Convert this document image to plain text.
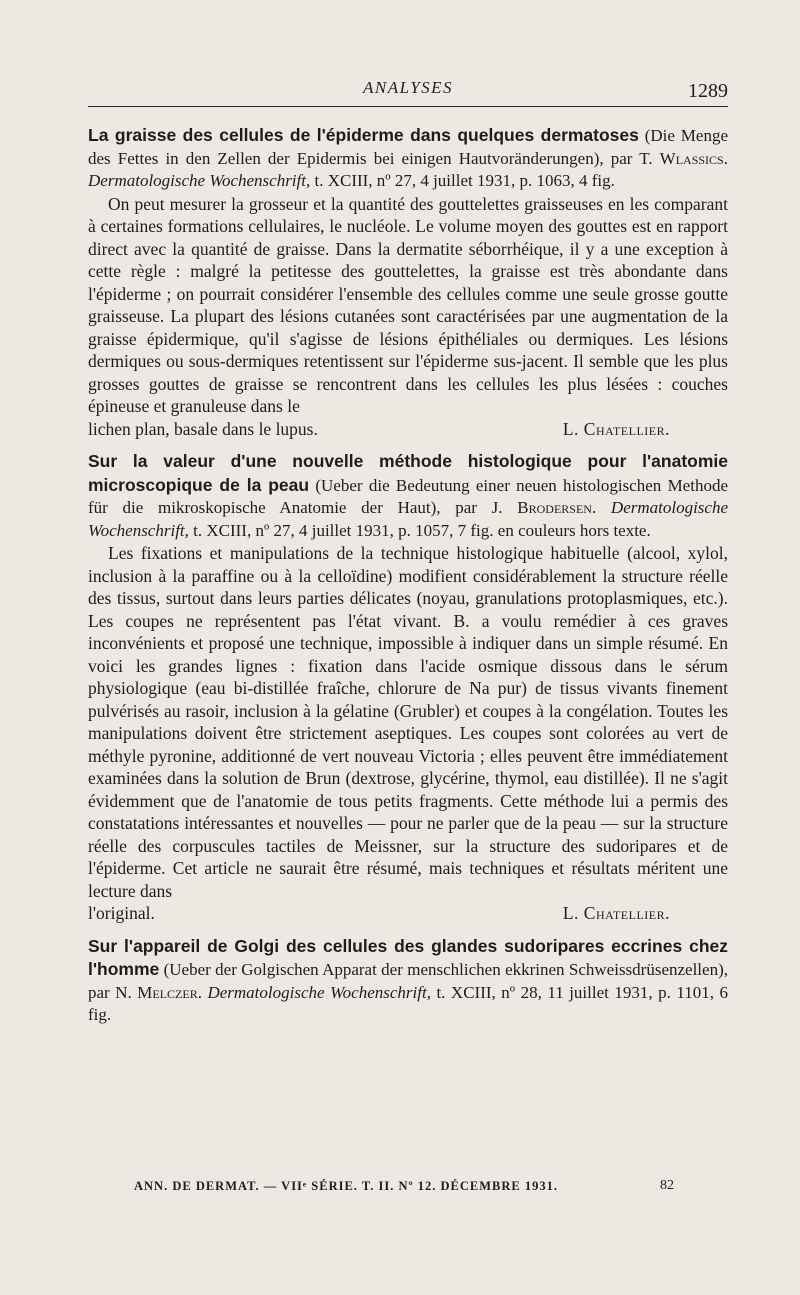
ANALYSES	1289

La graisse des cellules de l'épiderme dans quelques dermatoses (Die Menge des Fettes in den Zellen der Epidermis bei einigen Hautvoränderungen), par T. Wlassics. Dermatologische Wochenschrift, t. XCIII, nº 27, 4 juillet 1931, p. 1063, 4 fig.

On peut mesurer la grosseur et la quantité des gouttelettes graisseuses en les comparant à certaines formations cellulaires, le nucléole. Le volume moyen des gouttes est en rapport direct avec la quantité de graisse. Dans la dermatite séborrhéique, il y a une exception à cette règle : malgré la petitesse des gouttelettes, la graisse est très abondante dans l'épiderme ; on pourrait considérer l'ensemble des cellules comme une seule grosse goutte graisseuse. La plupart des lésions cutanées sont caractérisées par une augmentation de la graisse épidermique, qu'il s'agisse de lésions épithéliales ou dermiques. Les lésions dermiques ou sous-dermiques retentissent sur l'épiderme sus-jacent. Il semble que les plus grosses gouttes de graisse se rencontrent dans les cellules les plus lésées : couches épineuse et granuleuse dans le

lichen plan, basale dans le lupus.	L. Chatellier.

Sur la valeur d'une nouvelle méthode histologique pour l'anatomie microscopique de la peau (Ueber die Bedeutung einer neuen histologischen Methode für die mikroskopische Anatomie der Haut), par J. Brodersen. Dermatologische Wochenschrift, t. XCIII, nº 27, 4 juillet 1931, p. 1057, 7 fig. en couleurs hors texte.

Les fixations et manipulations de la technique histologique habituelle (alcool, xylol, inclusion à la paraffine ou à la celloïdine) modifient considérablement la structure réelle des tissus, surtout dans leurs parties délicates (noyau, granulations protoplasmiques, etc.). Les coupes ne représentent pas l'état vivant. B. a voulu remédier à ces graves inconvénients et proposé une technique, impossible à indiquer dans un simple résumé. En voici les grandes lignes : fixation dans l'acide osmique dissous dans le sérum physiologique (eau bi-distillée fraîche, chlorure de Na pur) de tissus vivants finement pulvérisés au rasoir, inclusion à la gélatine (Grubler) et coupes à la congélation. Toutes les manipulations doivent être strictement aseptiques. Les coupes sont colorées au vert de méthyle pyronine, additionné de vert nouveau Victoria ; elles peuvent être immédiatement examinées dans la solution de Brun (dextrose, glycérine, thymol, eau distillée). Il ne s'agit évidemment que de l'anatomie de tous petits fragments. Cette méthode lui a permis des constatations intéressantes et nouvelles — pour ne parler que de la peau — sur la structure réelle des corpuscules tactiles de Meissner, sur la structure des sudoripares et de l'épiderme. Cet article ne saurait être résumé, mais techniques et résultats méritent une lecture dans

l'original.	L. Chatellier.

Sur l'appareil de Golgi des cellules des glandes sudoripares eccrines chez l'homme (Ueber der Golgischen Apparat der menschlichen ekkrinen Schweissdrüsenzellen), par N. Melczer. Dermatologische Wochenschrift, t. XCIII, nº 28, 11 juillet 1931, p. 1101, 6 fig.

ANN. DE DERMAT. — VIIᵉ SÉRIE. T. II. Nº 12. DÉCEMBRE 1931.	82
